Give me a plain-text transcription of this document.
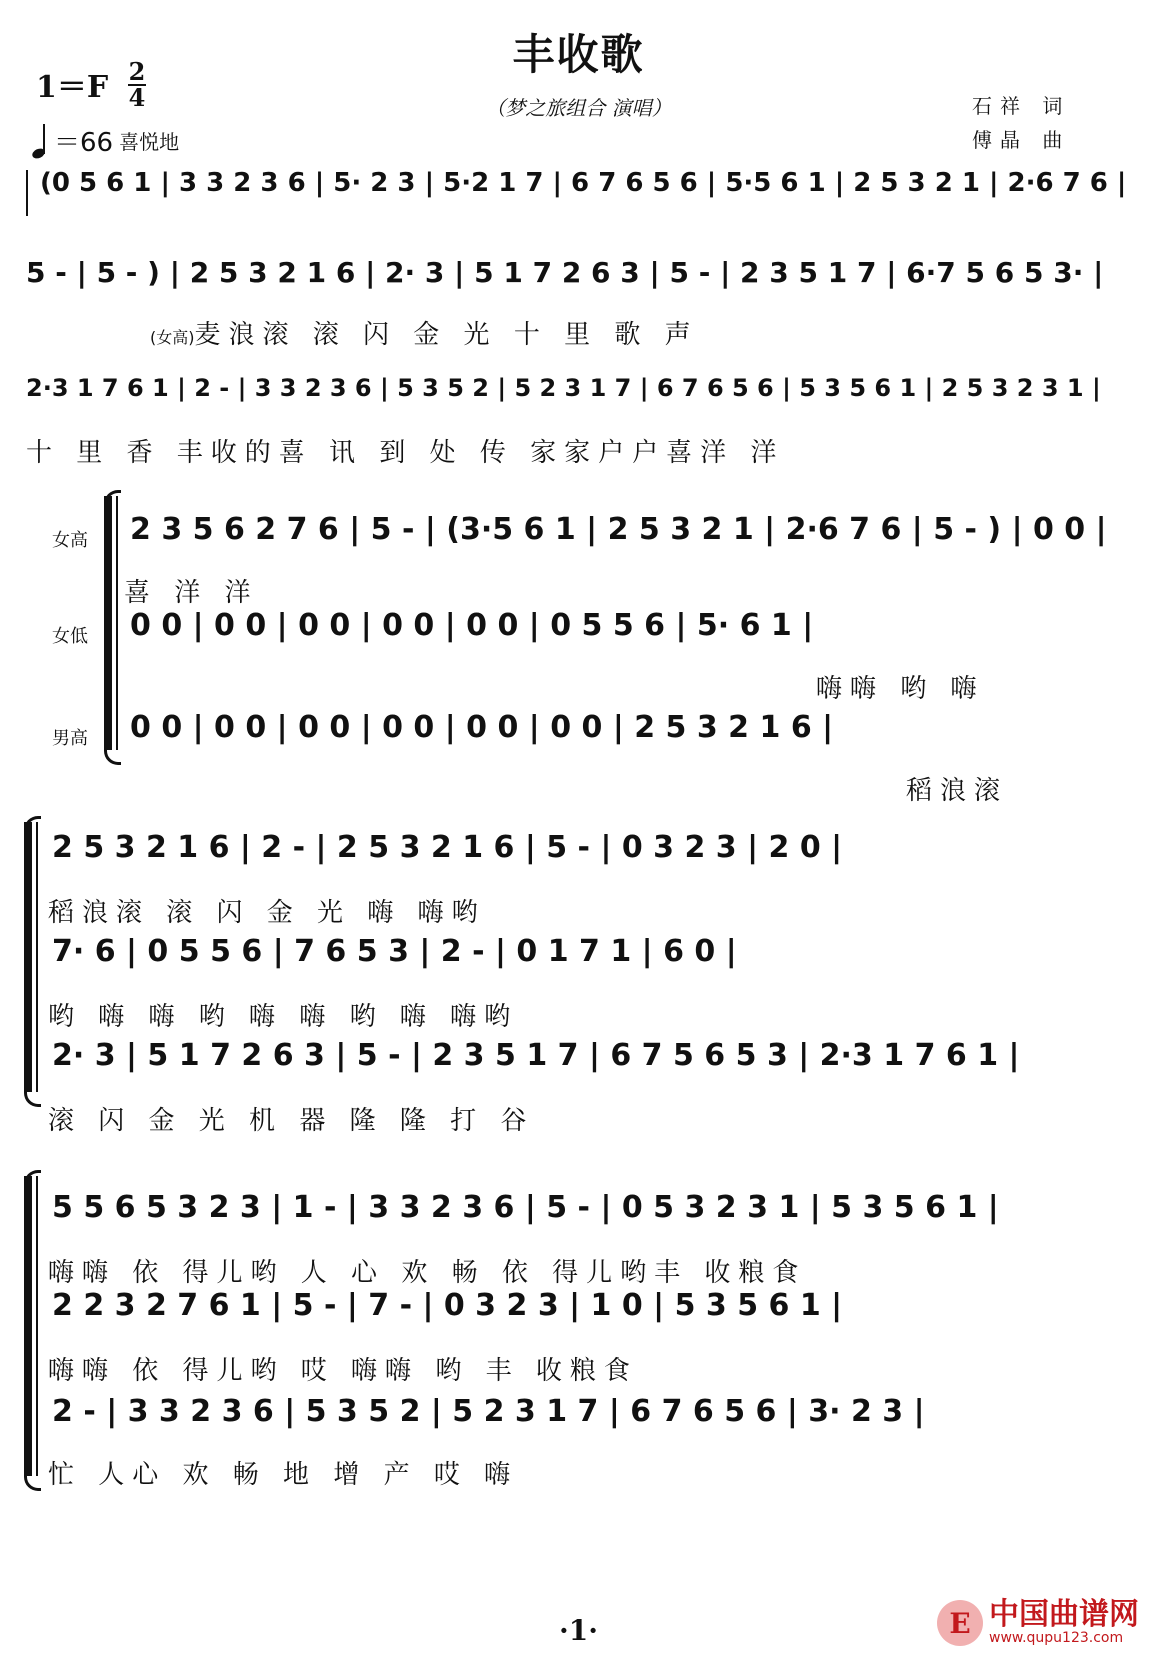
丰收歌
（梦之旅组合 演唱）
1＝F 2
4
＝66 喜悦地
石祥 词
傅晶 曲
(0 5 6 1 | 3 3 2 3 6 | 5· 2 3 | 5·2 1 7 | 6 7 6 5 6 | 5·5 6 1 | 2 5 3 2 1 | 2·6 7 6 |
5 - | 5 - ) | 2 5 3 2 1 6 | 2· 3 | 5 1 7 2 6 3 | 5 - | 2 3 5 1 7 | 6·7 5 6 5 3· |
(女高)麦浪滚 滚 闪 金 光 十 里 歌 声
2·3 1 7 6 1 | 2 - | 3 3 2 3 6 | 5 3 5 2 | 5 2 3 1 7 | 6 7 6 5 6 | 5 3 5 6 1 | 2 5 3 2 3 1 |
十 里 香 丰收的喜 讯 到 处 传 家家户户喜洋 洋
女高	2 3 5 6 2 7 6 | 5 - | (3·5 6 1 | 2 5 3 2 1 | 2·6 7 6 | 5 - ) | 0 0 |
喜 洋 洋
女低	0 0 | 0 0 | 0 0 | 0 0 | 0 0 | 0 5 5 6 | 5· 6 1 |
嗨嗨 哟 嗨
男高	0 0 | 0 0 | 0 0 | 0 0 | 0 0 | 0 0 | 2 5 3 2 1 6 |
稻浪滚
2 5 3 2 1 6 | 2 - | 2 5 3 2 1 6 | 5 - | 0 3 2 3 | 2 0 |
稻浪滚 滚 闪 金 光 嗨 嗨哟
7· 6 | 0 5 5 6 | 7 6 5 3 | 2 - | 0 1 7 1 | 6 0 |
哟 嗨 嗨 哟 嗨 嗨 哟 嗨 嗨哟
2· 3 | 5 1 7 2 6 3 | 5 - | 2 3 5 1 7 | 6 7 5 6 5 3 | 2·3 1 7 6 1 |
滚 闪 金 光 机 器 隆 隆 打 谷
5 5 6 5 3 2 3 | 1 - | 3 3 2 3 6 | 5 - | 0 5 3 2 3 1 | 5 3 5 6 1 |
嗨嗨 依 得儿哟 人 心 欢 畅 依 得儿哟丰 收粮食
2 2 3 2 7 6 1 | 5 - | 7 - | 0 3 2 3 | 1 0 | 5 3 5 6 1 |
嗨嗨 依 得儿哟 哎 嗨嗨 哟 丰 收粮食
2 - | 3 3 2 3 6 | 5 3 5 2 | 5 2 3 1 7 | 6 7 6 5 6 | 3· 2 3 |
忙 人心 欢 畅 地 增 产 哎 嗨
·1·	E 中国曲谱网
www.qupu123.com
